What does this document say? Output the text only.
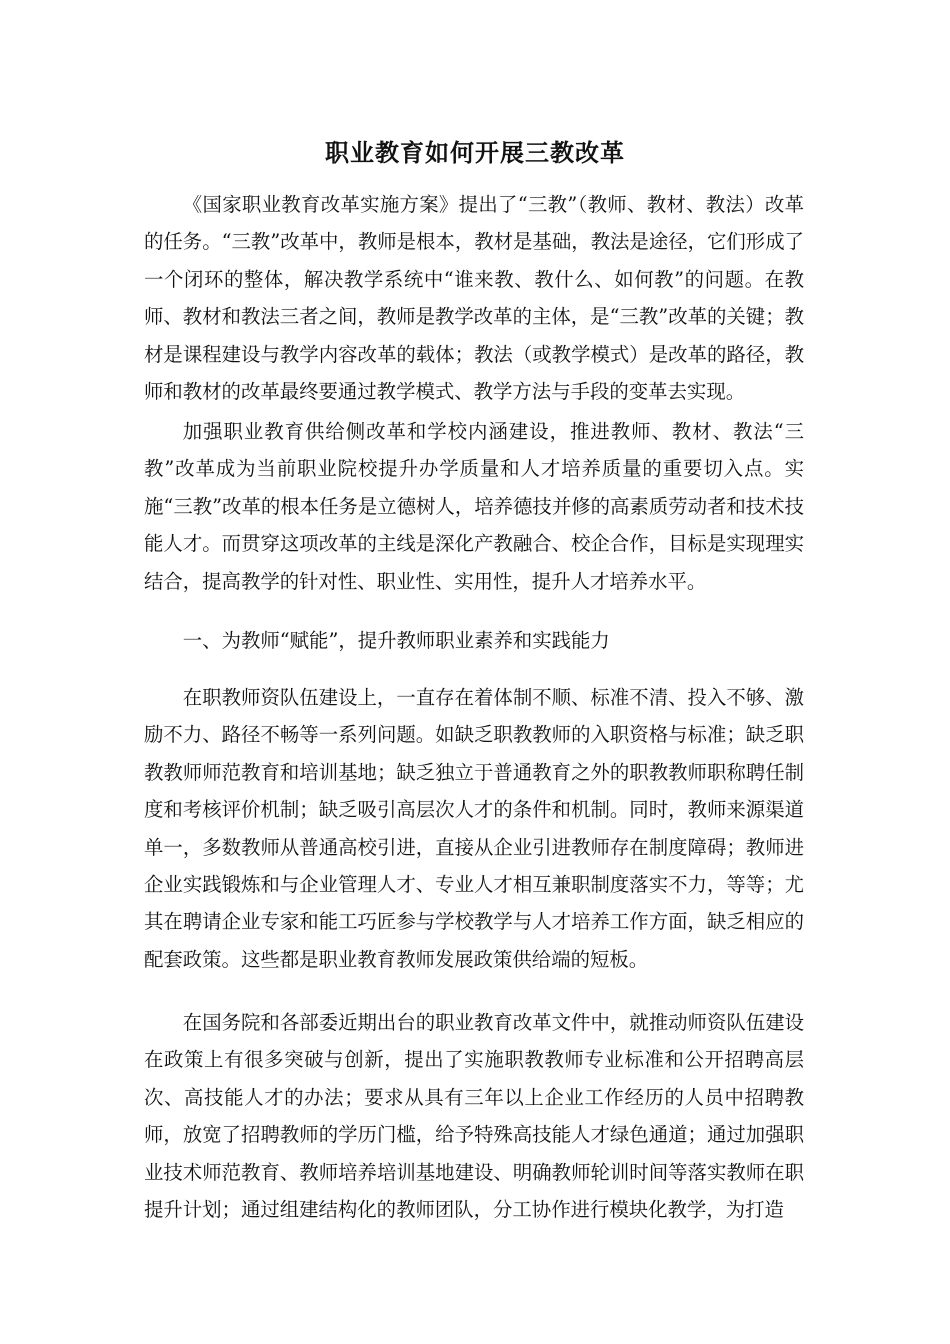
职业教育如何开展三教改革

《国家职业教育改革实施方案》提出了“三教”（教师、教材、教法）改革的任务。“三教”改革中，教师是根本，教材是基础，教法是途径，它们形成了一个闭环的整体，解决教学系统中“谁来教、教什么、如何教”的问题。在教师、教材和教法三者之间，教师是教学改革的主体，是“三教”改革的关键；教材是课程建设与教学内容改革的载体；教法（或教学模式）是改革的路径，教师和教材的改革最终要通过教学模式、教学方法与手段的变革去实现。

加强职业教育供给侧改革和学校内涵建设，推进教师、教材、教法“三教”改革成为当前职业院校提升办学质量和人才培养质量的重要切入点。实施“三教”改革的根本任务是立德树人，培养德技并修的高素质劳动者和技术技能人才。而贯穿这项改革的主线是深化产教融合、校企合作，目标是实现理实结合，提高教学的针对性、职业性、实用性，提升人才培养水平。

一、为教师“赋能”，提升教师职业素养和实践能力

在职教师资队伍建设上，一直存在着体制不顺、标准不清、投入不够、激励不力、路径不畅等一系列问题。如缺乏职教教师的入职资格与标准；缺乏职教教师师范教育和培训基地；缺乏独立于普通教育之外的职教教师职称聘任制度和考核评价机制；缺乏吸引高层次人才的条件和机制。同时，教师来源渠道单一，多数教师从普通高校引进，直接从企业引进教师存在制度障碍；教师进企业实践锻炼和与企业管理人才、专业人才相互兼职制度落实不力，等等；尤其在聘请企业专家和能工巧匠参与学校教学与人才培养工作方面，缺乏相应的配套政策。这些都是职业教育教师发展政策供给端的短板。

在国务院和各部委近期出台的职业教育改革文件中，就推动师资队伍建设在政策上有很多突破与创新，提出了实施职教教师专业标准和公开招聘高层次、高技能人才的办法；要求从具有三年以上企业工作经历的人员中招聘教师，放宽了招聘教师的学历门槛，给予特殊高技能人才绿色通道；通过加强职业技术师范教育、教师培养培训基地建设、明确教师轮训时间等落实教师在职提升计划；通过组建结构化的教师团队，分工协作进行模块化教学，为打造
